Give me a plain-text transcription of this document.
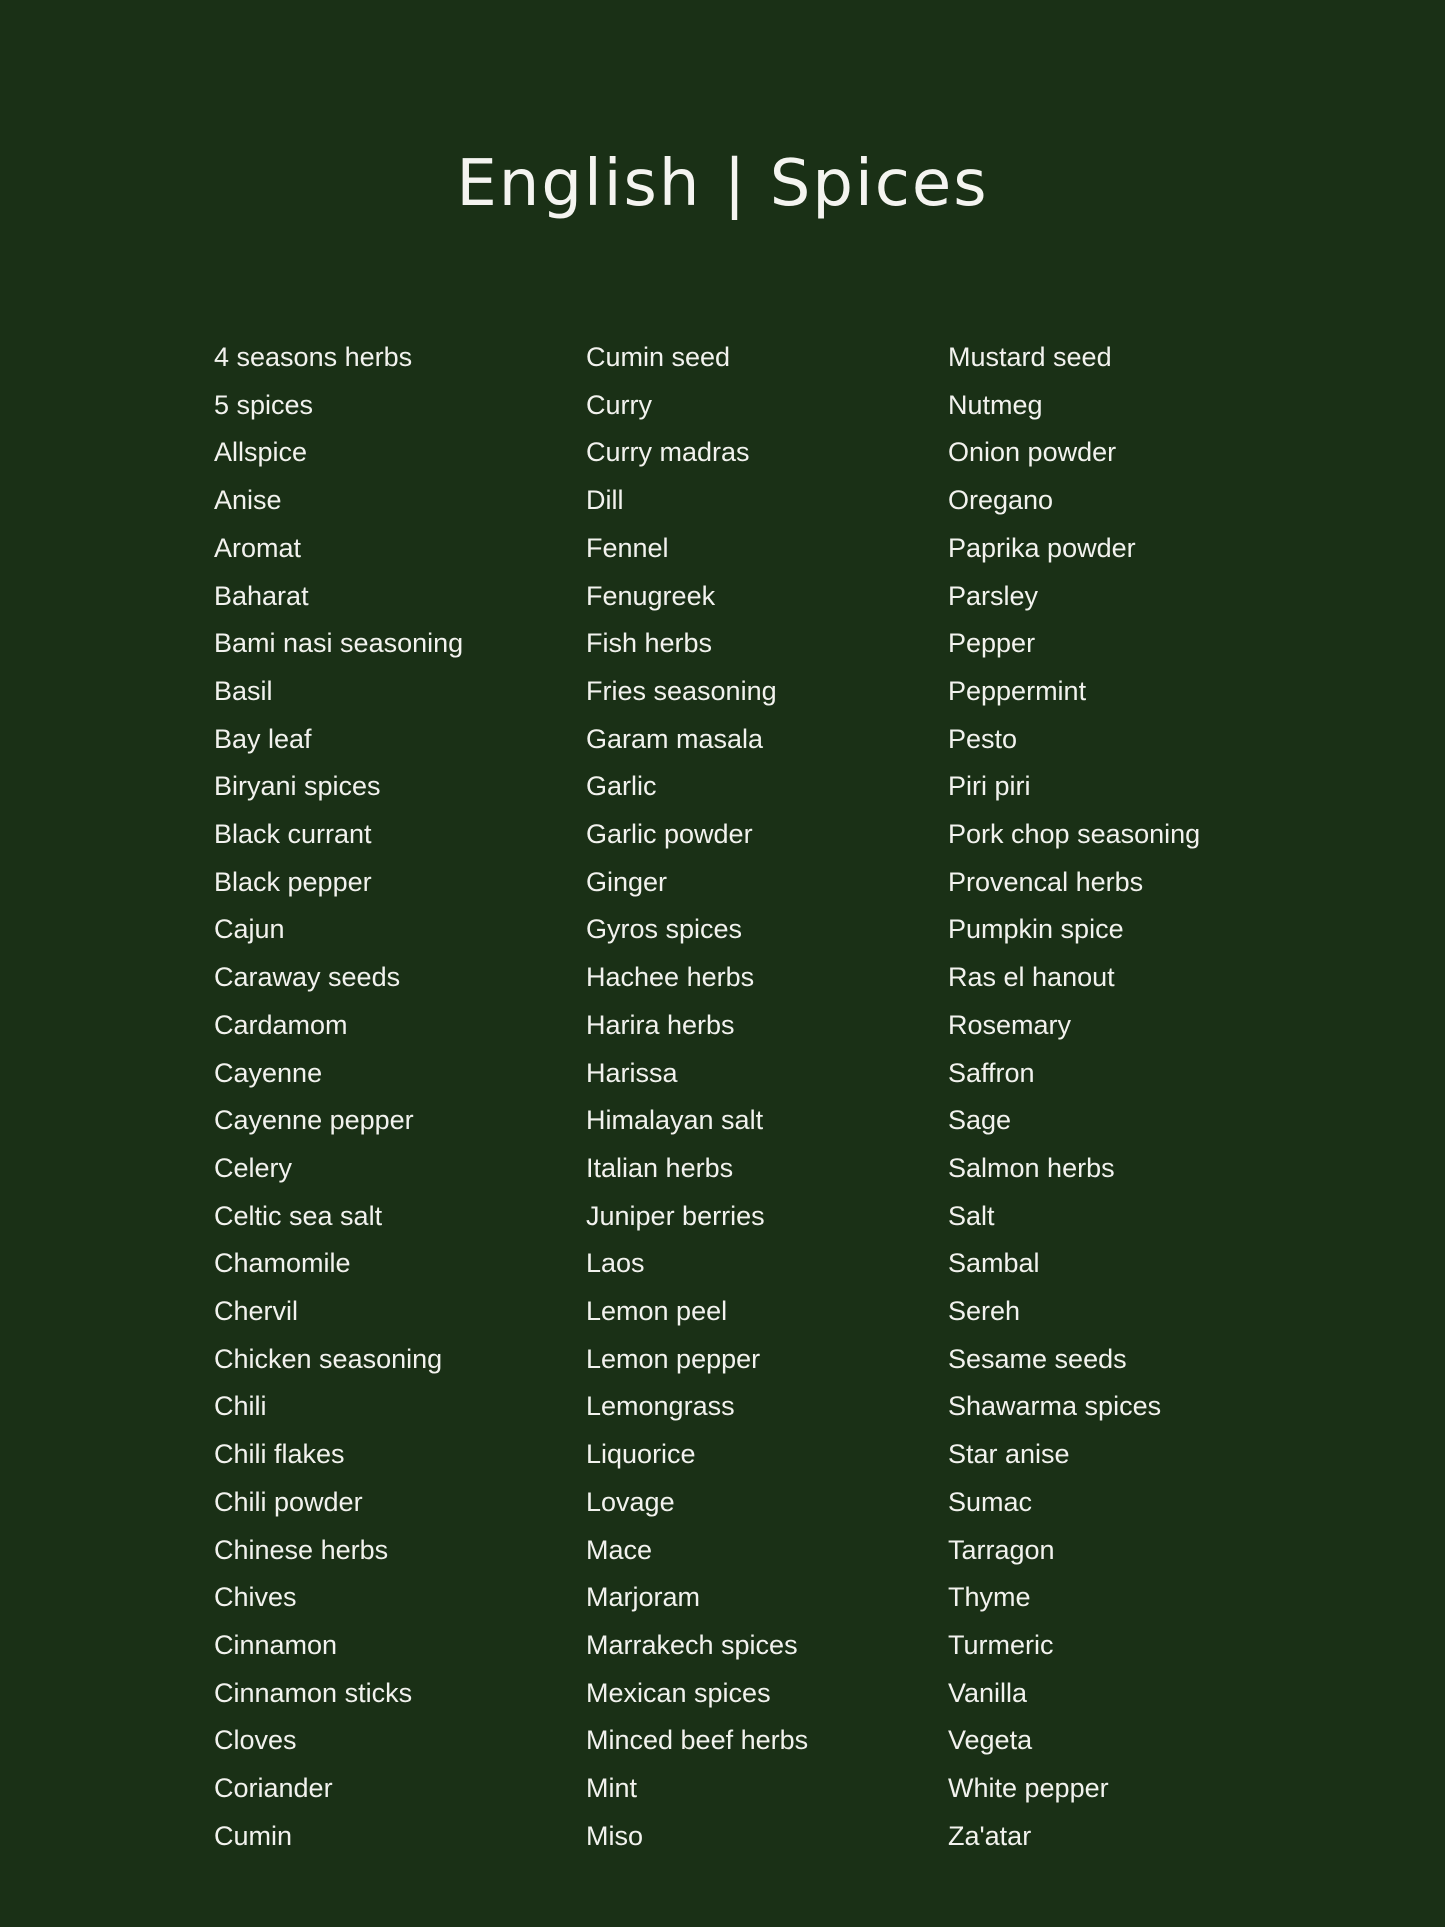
English | Spices
4 seasons herbs
5 spices
Allspice
Anise
Aromat
Baharat
Bami nasi seasoning
Basil
Bay leaf
Biryani spices
Black currant
Black pepper
Cajun
Caraway seeds
Cardamom
Cayenne
Cayenne pepper
Celery
Celtic sea salt
Chamomile
Chervil
Chicken seasoning
Chili
Chili flakes
Chili powder
Chinese herbs
Chives
Cinnamon
Cinnamon sticks
Cloves
Coriander
Cumin
Cumin seed
Curry
Curry madras
Dill
Fennel
Fenugreek
Fish herbs
Fries seasoning
Garam masala
Garlic
Garlic powder
Ginger
Gyros spices
Hachee herbs
Harira herbs
Harissa
Himalayan salt
Italian herbs
Juniper berries
Laos
Lemon peel
Lemon pepper
Lemongrass
Liquorice
Lovage
Mace
Marjoram
Marrakech spices
Mexican spices
Minced beef herbs
Mint
Miso
Mustard seed
Nutmeg
Onion powder
Oregano
Paprika powder
Parsley
Pepper
Peppermint
Pesto
Piri piri
Pork chop seasoning
Provencal herbs
Pumpkin spice
Ras el hanout
Rosemary
Saffron
Sage
Salmon herbs
Salt
Sambal
Sereh
Sesame seeds
Shawarma spices
Star anise
Sumac
Tarragon
Thyme
Turmeric
Vanilla
Vegeta
White pepper
Za'atar
